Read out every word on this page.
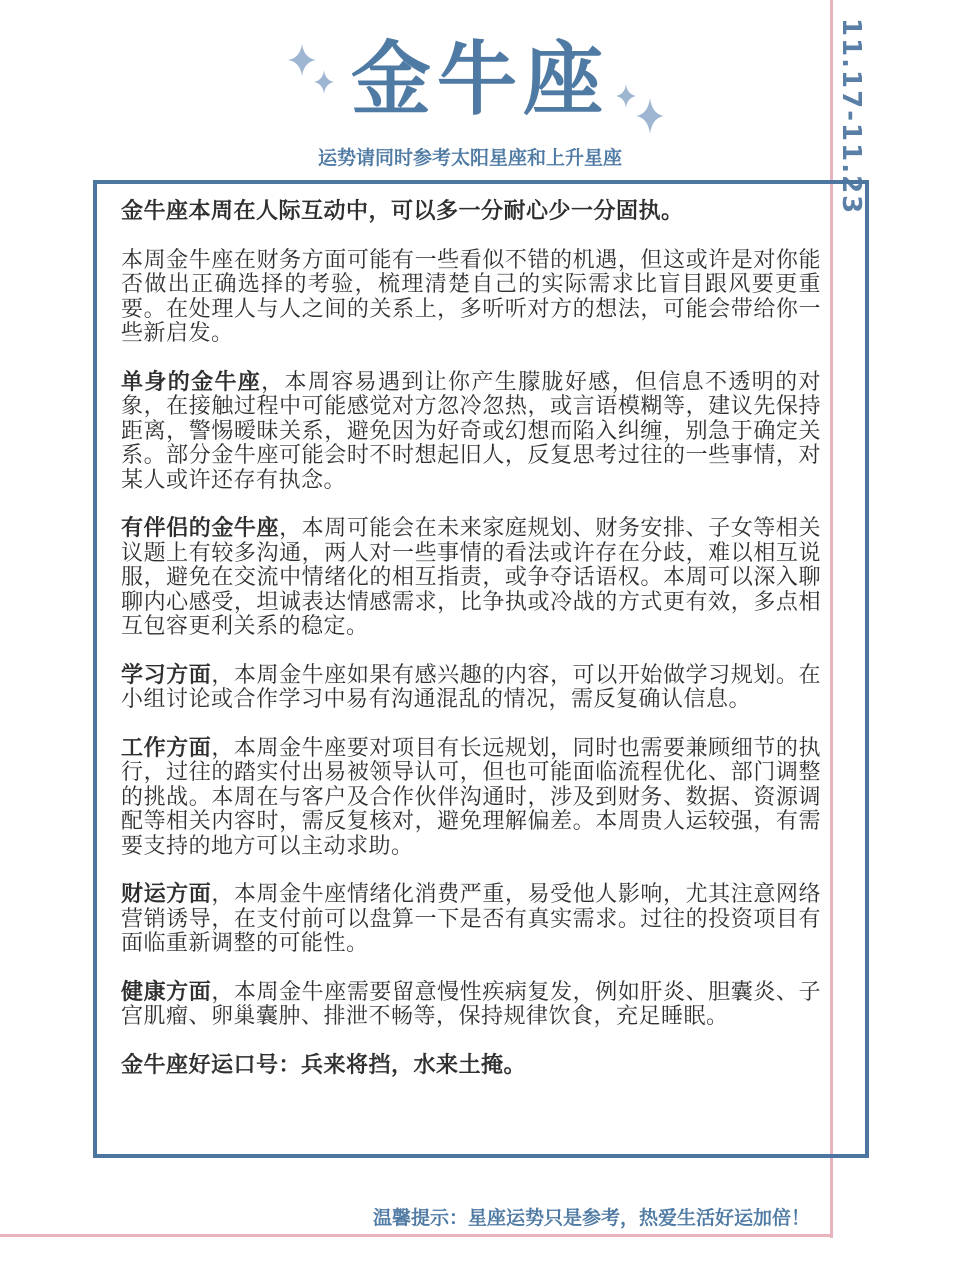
11.17-11.23
金牛座
运势请同时参考太阳星座和上升星座

金牛座本周在人际互动中，可以多一分耐心少一分固执。

本周金牛座在财务方面可能有一些看似不错的机遇，但这或许是对你能否做出正确选择的考验，梳理清楚自己的实际需求比盲目跟风要更重要。在处理人与人之间的关系上，多听听对方的想法，可能会带给你一些新启发。

单身的金牛座，本周容易遇到让你产生朦胧好感，但信息不透明的对象，在接触过程中可能感觉对方忽冷忽热，或言语模糊等，建议先保持距离，警惕暧昧关系，避免因为好奇或幻想而陷入纠缠，别急于确定关系。部分金牛座可能会时不时想起旧人，反复思考过往的一些事情，对某人或许还存有执念。

有伴侣的金牛座，本周可能会在未来家庭规划、财务安排、子女等相关议题上有较多沟通，两人对一些事情的看法或许存在分歧，难以相互说服，避免在交流中情绪化的相互指责，或争夺话语权。本周可以深入聊聊内心感受，坦诚表达情感需求，比争执或冷战的方式更有效，多点相互包容更利关系的稳定。

学习方面，本周金牛座如果有感兴趣的内容，可以开始做学习规划。在小组讨论或合作学习中易有沟通混乱的情况，需反复确认信息。

工作方面，本周金牛座要对项目有长远规划，同时也需要兼顾细节的执行，过往的踏实付出易被领导认可，但也可能面临流程优化、部门调整的挑战。本周在与客户及合作伙伴沟通时，涉及到财务、数据、资源调配等相关内容时，需反复核对，避免理解偏差。本周贵人运较强，有需要支持的地方可以主动求助。

财运方面，本周金牛座情绪化消费严重，易受他人影响，尤其注意网络营销诱导，在支付前可以盘算一下是否有真实需求。过往的投资项目有面临重新调整的可能性。

健康方面，本周金牛座需要留意慢性疾病复发，例如肝炎、胆囊炎、子宫肌瘤、卵巢囊肿、排泄不畅等，保持规律饮食，充足睡眠。

金牛座好运口号：兵来将挡，水来土掩。

温馨提示：星座运势只是参考，热爱生活好运加倍！
